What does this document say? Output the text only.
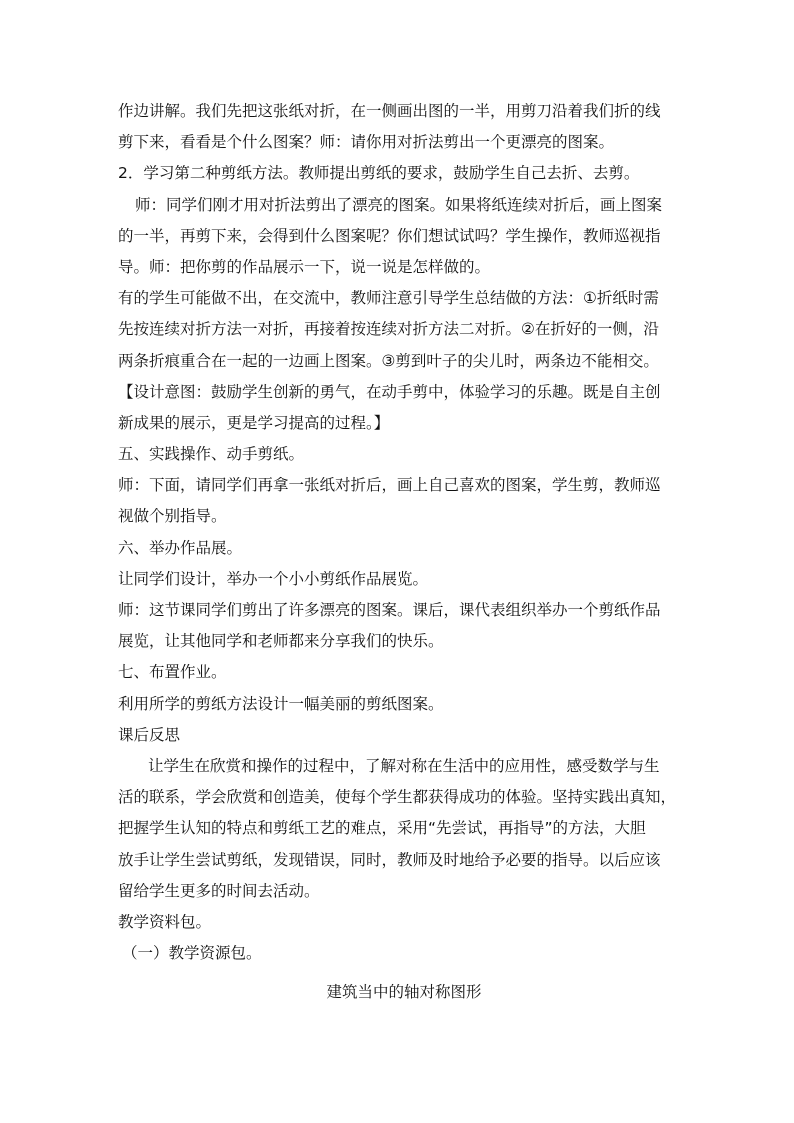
作边讲解。我们先把这张纸对折，在一侧画出图的一半，用剪刀沿着我们折的线
剪下来，看看是个什么图案？师：请你用对折法剪出一个更漂亮的图案。
2．学习第二种剪纸方法。教师提出剪纸的要求，鼓励学生自己去折、去剪。
师：同学们刚才用对折法剪出了漂亮的图案。如果将纸连续对折后，画上图案
的一半，再剪下来，会得到什么图案呢？你们想试试吗？学生操作，教师巡视指
导。师：把你剪的作品展示一下，说一说是怎样做的。
有的学生可能做不出，在交流中，教师注意引导学生总结做的方法：①折纸时需
先按连续对折方法一对折，再接着按连续对折方法二对折。②在折好的一侧，沿
两条折痕重合在一起的一边画上图案。③剪到叶子的尖儿时，两条边不能相交。
【设计意图：鼓励学生创新的勇气，在动手剪中，体验学习的乐趣。既是自主创
新成果的展示，更是学习提高的过程。】
五、实践操作、动手剪纸。
师：下面，请同学们再拿一张纸对折后，画上自己喜欢的图案，学生剪，教师巡
视做个别指导。
六、举办作品展。
让同学们设计，举办一个小小剪纸作品展览。
师：这节课同学们剪出了许多漂亮的图案。课后，课代表组织举办一个剪纸作品
展览，让其他同学和老师都来分享我们的快乐。
七、布置作业。
利用所学的剪纸方法设计一幅美丽的剪纸图案。
课后反思
让学生在欣赏和操作的过程中，了解对称在生活中的应用性，感受数学与生
活的联系，学会欣赏和创造美，使每个学生都获得成功的体验。坚持实践出真知，
把握学生认知的特点和剪纸工艺的难点，采用“先尝试，再指导”的方法，大胆
放手让学生尝试剪纸，发现错误，同时，教师及时地给予必要的指导。以后应该
留给学生更多的时间去活动。
教学资料包。
（一）教学资源包。
建筑当中的轴对称图形
